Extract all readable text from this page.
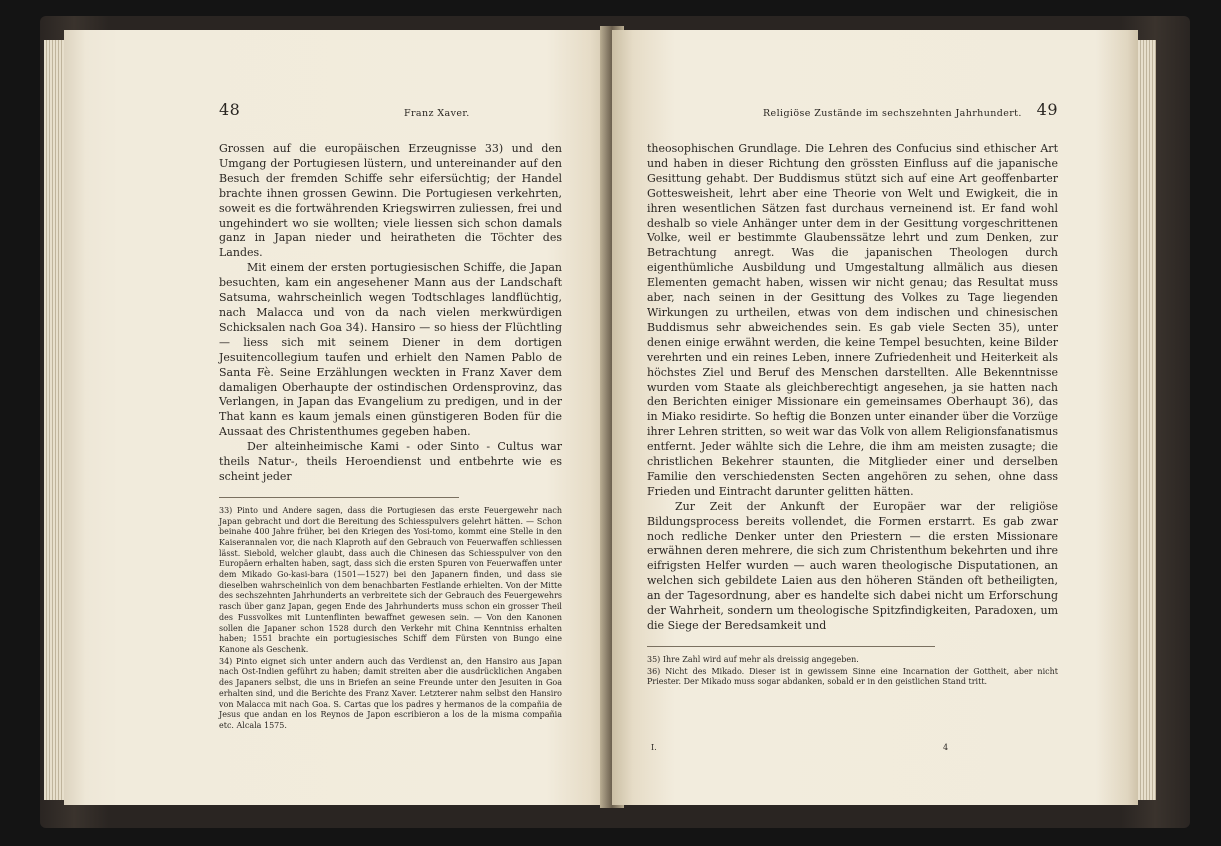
48	Franz Xaver.

Grossen auf die europäischen Erzeugnisse 33) und den Umgang der Portugiesen lüstern, und untereinander auf den Besuch der fremden Schiffe sehr eifersüchtig; der Handel brachte ihnen grossen Gewinn. Die Portugiesen verkehrten, soweit es die fortwährenden Kriegswirren zuliessen, frei und ungehindert wo sie wollten; viele liessen sich schon damals ganz in Japan nieder und heiratheten die Töchter des Landes.

Mit einem der ersten portugiesischen Schiffe, die Japan besuchten, kam ein angesehener Mann aus der Landschaft Satsuma, wahrscheinlich wegen Todtschlages landflüchtig, nach Malacca und von da nach vielen merkwürdigen Schicksalen nach Goa 34). Hansiro — so hiess der Flüchtling — liess sich mit seinem Diener in dem dortigen Jesuitencollegium taufen und erhielt den Namen Pablo de Santa Fè. Seine Erzählungen weckten in Franz Xaver dem damaligen Oberhaupte der ostindischen Ordensprovinz, das Verlangen, in Japan das Evangelium zu predigen, und in der That kann es kaum jemals einen günstigeren Boden für die Aussaat des Christenthumes gegeben haben.

Der alteinheimische Kami - oder Sinto - Cultus war theils Natur-, theils Heroendienst und entbehrte wie es scheint jeder

33) Pinto und Andere sagen, dass die Portugiesen das erste Feuergewehr nach Japan gebracht und dort die Bereitung des Schiesspulvers gelehrt hätten. — Schon beinahe 400 Jahre früher, bei den Kriegen des Yosi-tomo, kommt eine Stelle in den Kaiserannalen vor, die nach Klaproth auf den Gebrauch von Feuerwaffen schliessen lässt. Siebold, welcher glaubt, dass auch die Chinesen das Schiesspulver von den Europäern erhalten haben, sagt, dass sich die ersten Spuren von Feuerwaffen unter dem Mikado Go-kasi-bara (1501—1527) bei den Japanern finden, und dass sie dieselben wahrscheinlich von dem benachbarten Festlande erhielten. Von der Mitte des sechszehnten Jahrhunderts an verbreitete sich der Gebrauch des Feuergewehrs rasch über ganz Japan, gegen Ende des Jahrhunderts muss schon ein grosser Theil des Fussvolkes mit Luntenflinten bewaffnet gewesen sein. — Von den Kanonen sollen die Japaner schon 1528 durch den Verkehr mit China Kenntniss erhalten haben; 1551 brachte ein portugiesisches Schiff dem Fürsten von Bungo eine Kanone als Geschenk.

34) Pinto eignet sich unter andern auch das Verdienst an, den Hansiro aus Japan nach Ost-Indien geführt zu haben; damit streiten aber die ausdrücklichen Angaben des Japaners selbst, die uns in Briefen an seine Freunde unter den Jesuiten in Goa erhalten sind, und die Berichte des Franz Xaver. Letzterer nahm selbst den Hansiro von Malacca mit nach Goa. S. Cartas que los padres y hermanos de la compañia de Jesus que andan en los Reynos de Japon escribieron a los de la misma compañia etc. Alcala 1575.

Religiöse Zustände im sechszehnten Jahrhundert. 49

theosophischen Grundlage. Die Lehren des Confucius sind ethischer Art und haben in dieser Richtung den grössten Einfluss auf die japanische Gesittung gehabt. Der Buddismus stützt sich auf eine Art geoffenbarter Gottesweisheit, lehrt aber eine Theorie von Welt und Ewigkeit, die in ihren wesentlichen Sätzen fast durchaus verneinend ist. Er fand wohl deshalb so viele Anhänger unter dem in der Gesittung vorgeschrittenen Volke, weil er bestimmte Glaubenssätze lehrt und zum Denken, zur Betrachtung anregt. Was die japanischen Theologen durch eigenthümliche Ausbildung und Umgestaltung allmälich aus diesen Elementen gemacht haben, wissen wir nicht genau; das Resultat muss aber, nach seinen in der Gesittung des Volkes zu Tage liegenden Wirkungen zu urtheilen, etwas von dem indischen und chinesischen Buddismus sehr abweichendes sein. Es gab viele Secten 35), unter denen einige erwähnt werden, die keine Tempel besuchten, keine Bilder verehrten und ein reines Leben, innere Zufriedenheit und Heiterkeit als höchstes Ziel und Beruf des Menschen darstellten. Alle Bekenntnisse wurden vom Staate als gleichberechtigt angesehen, ja sie hatten nach den Berichten einiger Missionare ein gemeinsames Oberhaupt 36), das in Miako residirte. So heftig die Bonzen unter einander über die Vorzüge ihrer Lehren stritten, so weit war das Volk von allem Religionsfanatismus entfernt. Jeder wählte sich die Lehre, die ihm am meisten zusagte; die christlichen Bekehrer staunten, die Mitglieder einer und derselben Familie den verschiedensten Secten angehören zu sehen, ohne dass Frieden und Eintracht darunter gelitten hätten.

Zur Zeit der Ankunft der Europäer war der religiöse Bildungsprocess bereits vollendet, die Formen erstarrt. Es gab zwar noch redliche Denker unter den Priestern — die ersten Missionare erwähnen deren mehrere, die sich zum Christenthum bekehrten und ihre eifrigsten Helfer wurden — auch waren theologische Disputationen, an welchen sich gebildete Laien aus den höheren Ständen oft betheiligten, an der Tagesordnung, aber es handelte sich dabei nicht um Erforschung der Wahrheit, sondern um theologische Spitzfindigkeiten, Paradoxen, um die Siege der Beredsamkeit und

35) Ihre Zahl wird auf mehr als dreissig angegeben.

36) Nicht des Mikado. Dieser ist in gewissem Sinne eine Incarnation der Gottheit, aber nicht Priester. Der Mikado muss sogar abdanken, sobald er in den geistlichen Stand tritt.

I.	4
